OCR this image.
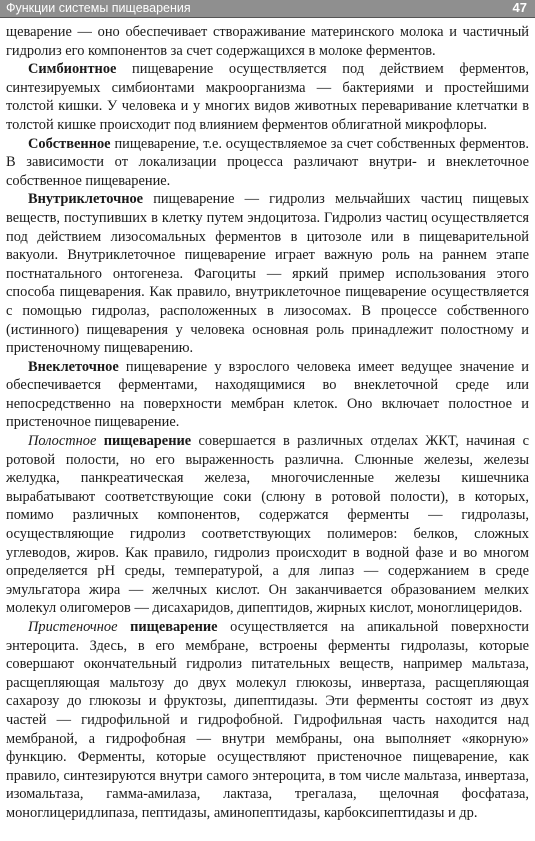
Функции системы пищеварения	47

щеварение — оно обеспечивает створаживание материнского молока и частичный гидролиз его компонентов за счет содержащихся в молоке ферментов.

Симбионтное пищеварение осуществляется под действием ферментов, синтезируемых симбионтами макроорганизма — бактериями и простейшими толстой кишки. У человека и у многих видов животных переваривание клетчатки в толстой кишке происходит под влиянием ферментов облигатной микрофлоры.

Собственное пищеварение, т.е. осуществляемое за счет собственных ферментов. В зависимости от локализации процесса различают внутри- и внеклеточное собственное пищеварение.

Внутриклеточное пищеварение — гидролиз мельчайших частиц пищевых веществ, поступивших в клетку путем эндоцитоза. Гидролиз частиц осуществляется под действием лизосомальных ферментов в цитозоле или в пищеварительной вакуоли. Внутриклеточное пищеварение играет важную роль на раннем этапе постнатального онтогенеза. Фагоциты — яркий пример использования этого способа пищеварения. Как правило, внутриклеточное пищеварение осуществляется с помощью гидролаз, расположенных в лизосомах. В процессе собственного (истинного) пищеварения у человека основная роль принадлежит полостному и пристеночному пищеварению.

Внеклеточное пищеварение у взрослого человека имеет ведущее значение и обеспечивается ферментами, находящимися во внеклеточной среде или непосредственно на поверхности мембран клеток. Оно включает полостное и пристеночное пищеварение.

Полостное пищеварение совершается в различных отделах ЖКТ, начиная с ротовой полости, но его выраженность различна. Слюнные железы, железы желудка, панкреатическая железа, многочисленные железы кишечника вырабатывают соответствующие соки (слюну в ротовой полости), в которых, помимо различных компонентов, содержатся ферменты — гидролазы, осуществляющие гидролиз соответствующих полимеров: белков, сложных углеводов, жиров. Как правило, гидролиз происходит в водной фазе и во многом определяется pH среды, температурой, а для липаз — содержанием в среде эмульгатора жира — желчных кислот. Он заканчивается образованием мелких молекул олигомеров — дисахаридов, дипептидов, жирных кислот, моноглицеридов.

Пристеночное пищеварение осуществляется на апикальной поверхности энтероцита. Здесь, в его мембране, встроены ферменты гидролазы, которые совершают окончательный гидролиз питательных веществ, например мальтаза, расщепляющая мальтозу до двух молекул глюкозы, инвертаза, расщепляющая сахарозу до глюкозы и фруктозы, дипептидазы. Эти ферменты состоят из двух частей — гидрофильной и гидрофобной. Гидрофильная часть находится над мембраной, а гидрофобная — внутри мембраны, она выполняет «якорную» функцию. Ферменты, которые осуществляют пристеночное пищеварение, как правило, синтезируются внутри самого энтероцита, в том числе мальтаза, инвертаза, изомальтаза, гамма-амилаза, лактаза, трегалаза, щелочная фосфатаза, моноглицеридлипаза, пептидазы, аминопептидазы, карбоксипептидазы и др.
